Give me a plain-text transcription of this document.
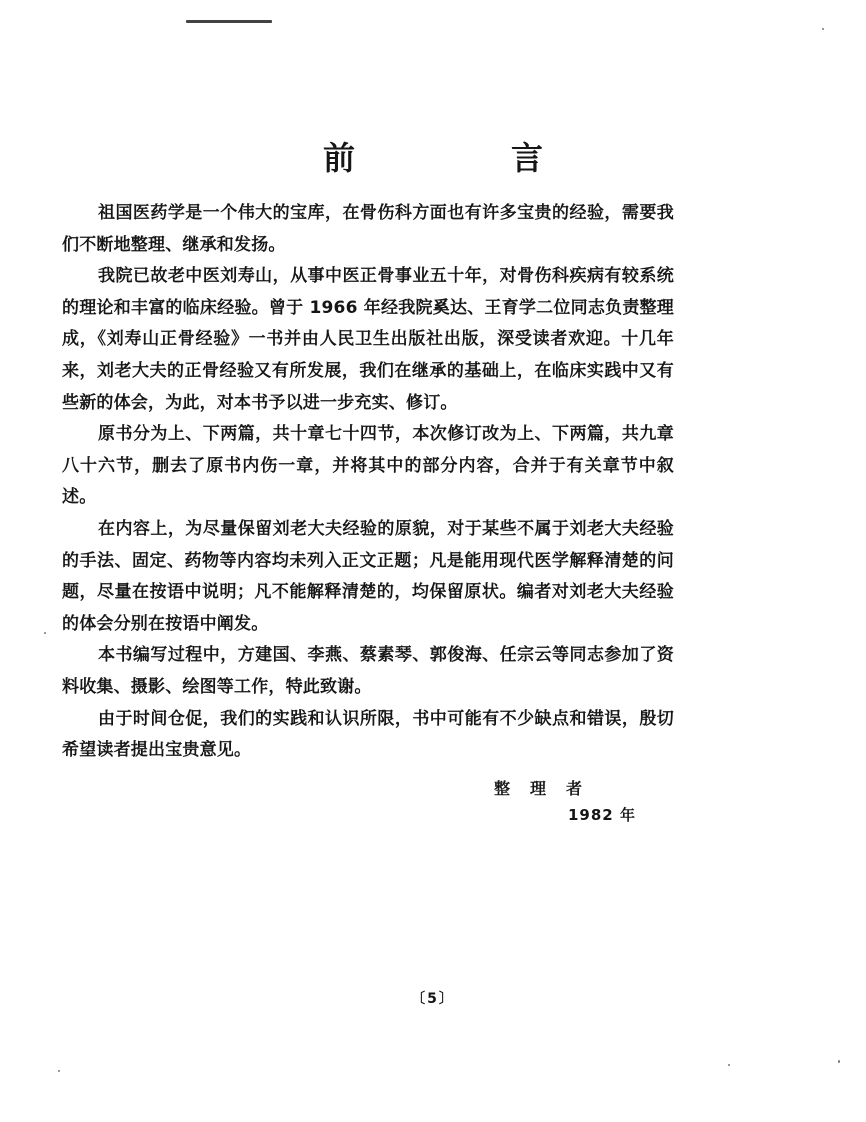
前　言

祖国医药学是一个伟大的宝库，在骨伤科方面也有许多宝贵的经验，需要我们不断地整理、继承和发扬。

我院已故老中医刘寿山，从事中医正骨事业五十年，对骨伤科疾病有较系统的理论和丰富的临床经验。曾于 1966 年经我院奚达、王育学二位同志负责整理成，《刘寿山正骨经验》一书并由人民卫生出版社出版，深受读者欢迎。十几年来，刘老大夫的正骨经验又有所发展，我们在继承的基础上，在临床实践中又有些新的体会，为此，对本书予以进一步充实、修订。

原书分为上、下两篇，共十章七十四节，本次修订改为上、下两篇，共九章八十六节，删去了原书内伤一章，并将其中的部分内容，合并于有关章节中叙述。

在内容上，为尽量保留刘老大夫经验的原貌，对于某些不属于刘老大夫经验的手法、固定、药物等内容均未列入正文正题；凡是能用现代医学解释清楚的问题，尽量在按语中说明；凡不能解释清楚的，均保留原状。编者对刘老大夫经验的体会分别在按语中阐发。

本书编写过程中，方建国、李燕、蔡素琴、郭俊海、任宗云等同志参加了资料收集、摄影、绘图等工作，特此致谢。

由于时间仓促，我们的实践和认识所限，书中可能有不少缺点和错误，殷切希望读者提出宝贵意见。

整理者
1982 年
〔5〕
